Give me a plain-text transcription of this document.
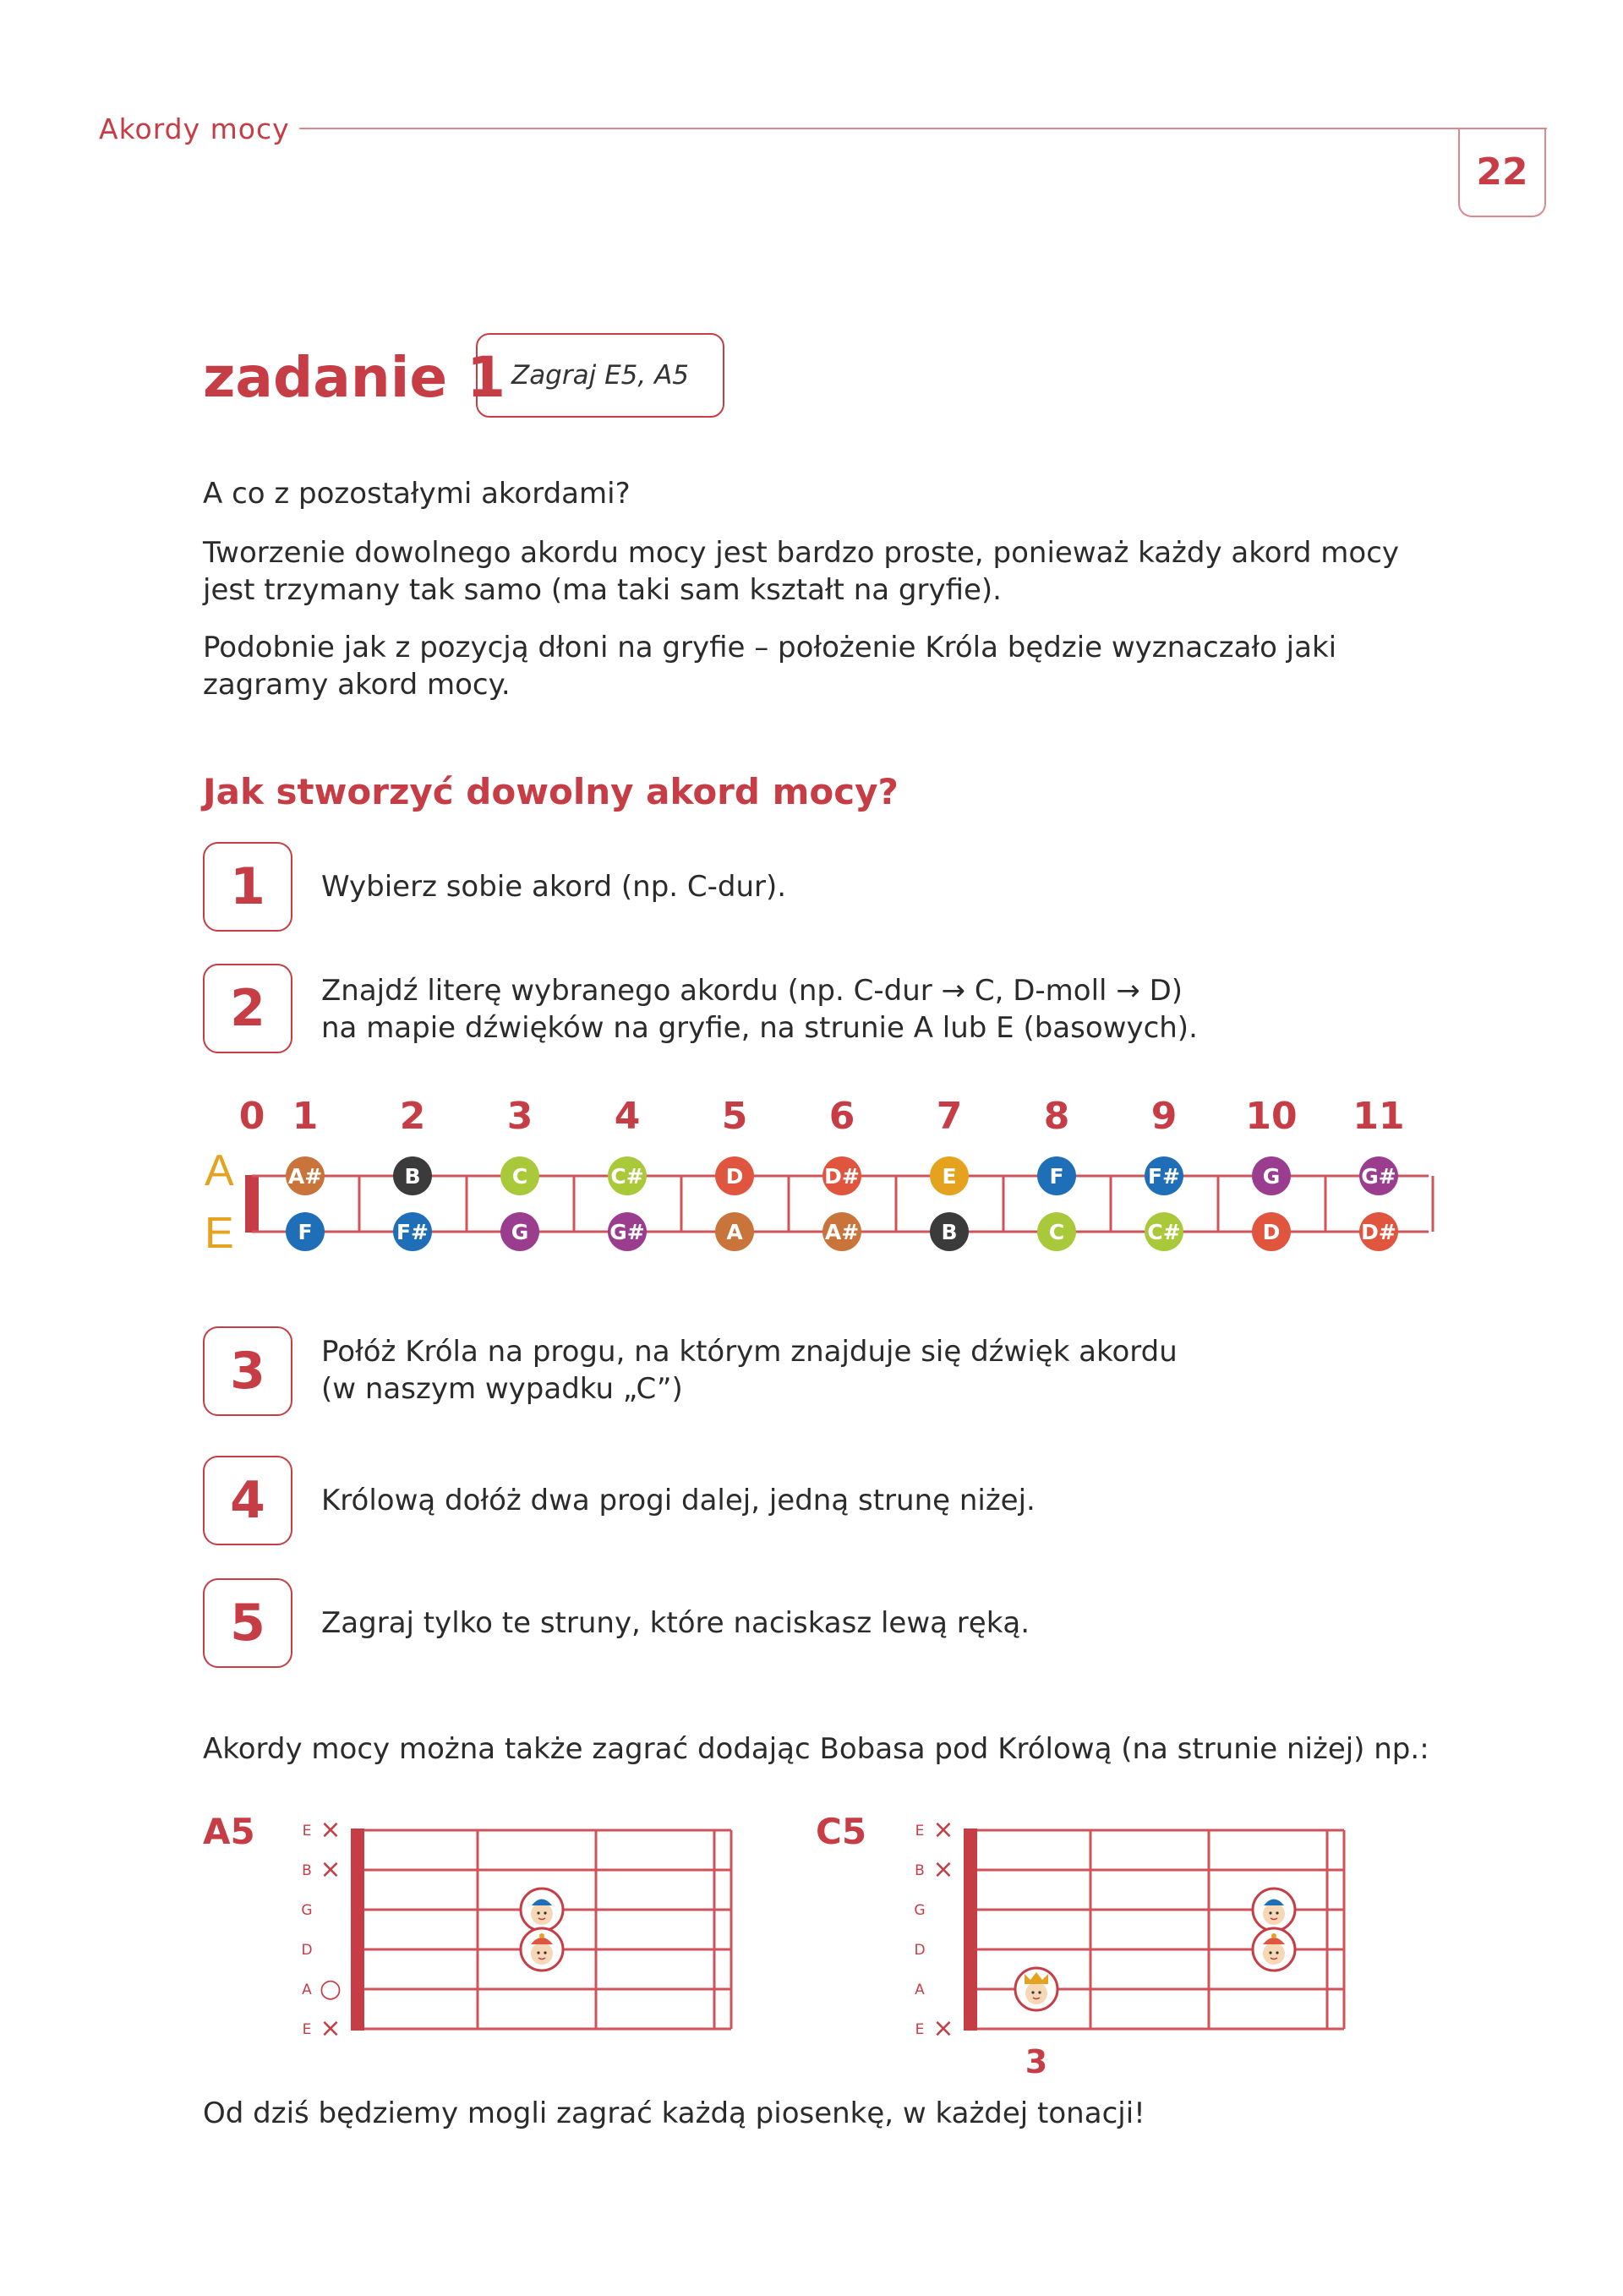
Akordy mocy
22
zadanie 1 Zagraj E5, A5
A co z pozostałymi akordami?
Tworzenie dowolnego akordu mocy jest bardzo proste, ponieważ każdy akord mocy jest trzymany tak samo (ma taki sam kształt na gryfie).
Podobnie jak z pozycją dłoni na gryfie – położenie Króla będzie wyznaczało jaki zagramy akord mocy.
Jak stworzyć dowolny akord mocy?
1	Wybierz sobie akord (np. C-dur).
2	Znajdź literę wybranego akordu (np. C-dur → C, D-moll → D)
na mapie dźwięków na gryfie, na strunie A lub E (basowych).
0 1 2 3 4 5 6 7 8 9 10 11
A
E
A#	B	C	C#	D	D#	E	F	F#	G	G#
F	F#	G	G#	A	A#	B	C	C#	D	D#
3	Połóż Króla na progu, na którym znajduje się dźwięk akordu
(w naszym wypadku „C”)
4	Królową dołóż dwa progi dalej, jedną strunę niżej.
5	Zagraj tylko te struny, które naciskasz lewą ręką.
Akordy mocy można także zagrać dodając Bobasa pod Królową (na strunie niżej) np.:
A5	E ×
B ×
G
D
A ○
E ×
C5	E ×
B ×
G
D
A
E ×
3
Od dziś będziemy mogli zagrać każdą piosenkę, w każdej tonacji!
